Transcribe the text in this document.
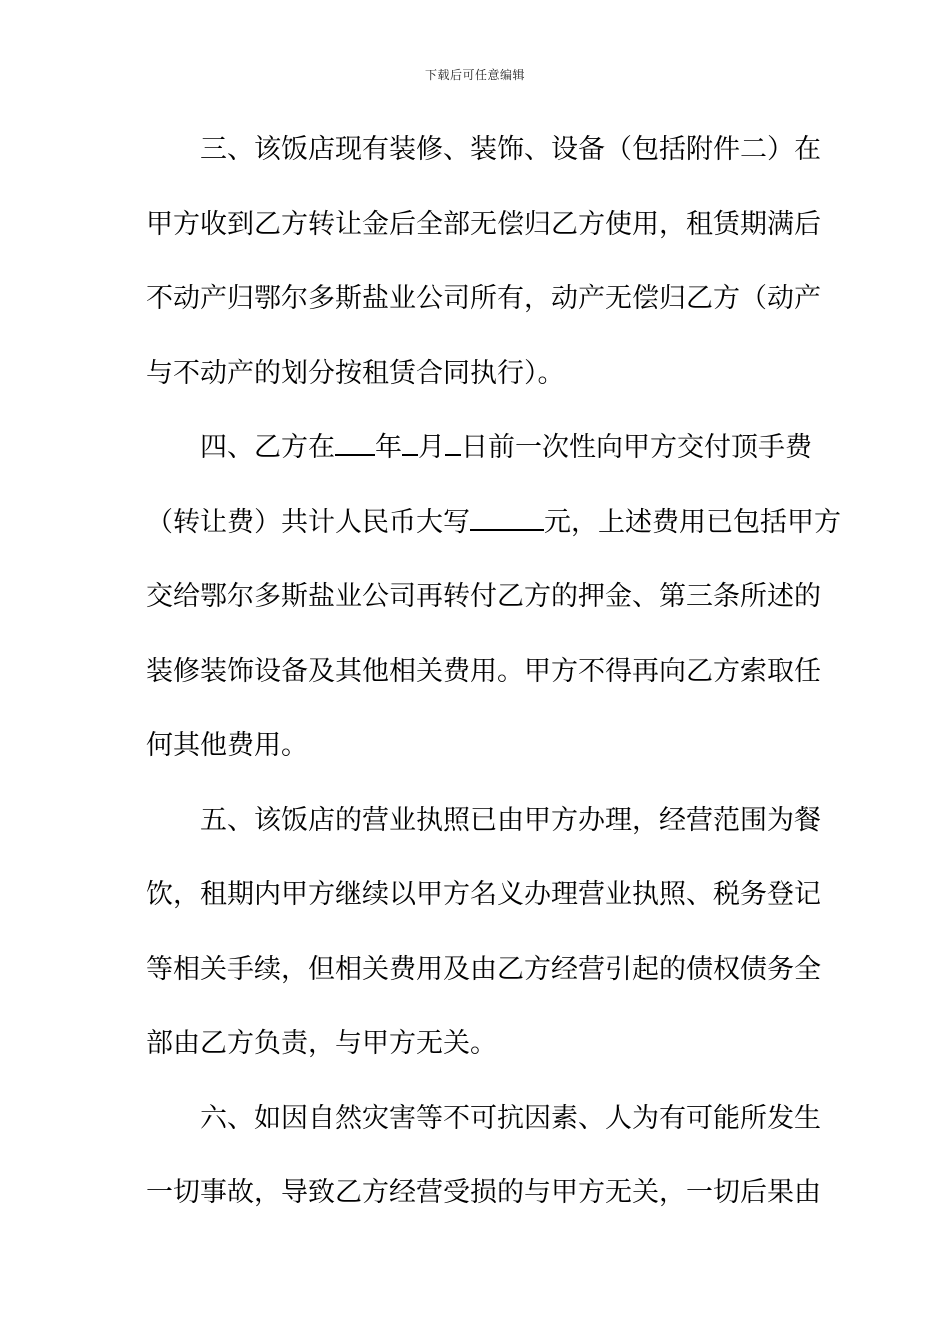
下载后可任意编辑
三、该饭店现有装修、装饰、设备（包括附件二）在
甲方收到乙方转让金后全部无偿归乙方使用，租赁期满后
不动产归鄂尔多斯盐业公司所有，动产无偿归乙方（动产
与不动产的划分按租赁合同执行）。
四、乙方在 年 月 日前一次性向甲方交付顶手费
（转让费）共计人民币大写	元，上述费用已包括甲方
交给鄂尔多斯盐业公司再转付乙方的押金、第三条所述的
装修装饰设备及其他相关费用。甲方不得再向乙方索取任
何其他费用。
五、该饭店的营业执照已由甲方办理，经营范围为餐
饮，租期内甲方继续以甲方名义办理营业执照、税务登记
等相关手续，但相关费用及由乙方经营引起的债权债务全
部由乙方负责，与甲方无关。
六、如因自然灾害等不可抗因素、人为有可能所发生
一切事故，导致乙方经营受损的与甲方无关，一切后果由
